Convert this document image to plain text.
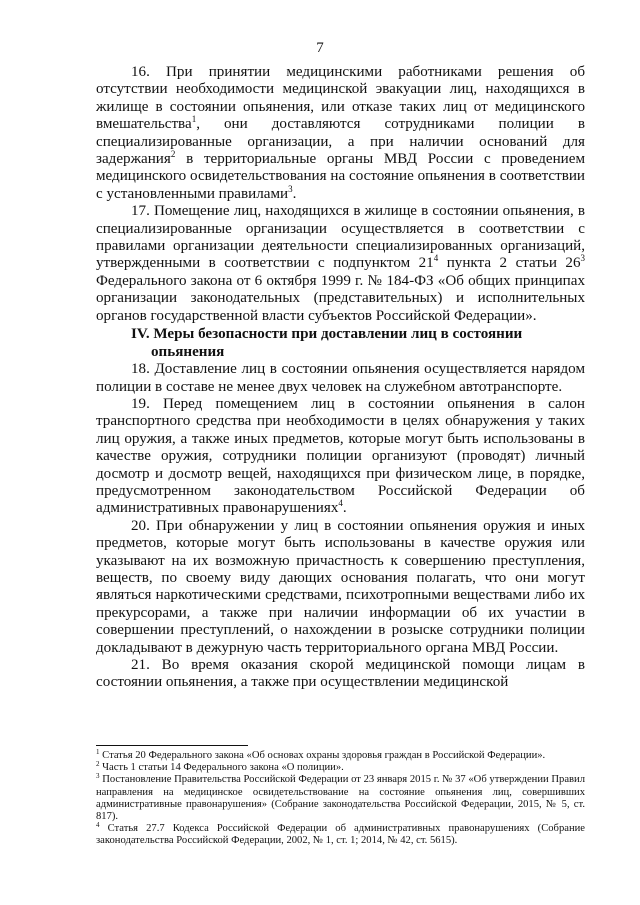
7

16. При принятии медицинскими работниками решения об отсутствии необходимости медицинской эвакуации лиц, находящихся в жилище в состоянии опьянения, или отказе таких лиц от медицинского вмешательства$^1$, они доставляются сотрудниками полиции в специализированные организации, а при наличии оснований для задержания$^2$ в территориальные органы МВД России с проведением медицинского освидетельствования на состояние опьянения в соответствии с установленными правилами$^3$.

17. Помещение лиц, находящихся в жилище в состоянии опьянения, в специализированные организации осуществляется в соответствии с правилами организации деятельности специализированных организаций, утвержденными в соответствии с подпунктом $21^4$ пункта 2 статьи $26^3$ Федерального закона от 6 октября 1999 г. № 184-ФЗ «Об общих принципах организации законодательных (представительных) и исполнительных органов государственной власти субъектов Российской Федерации».

IV. Меры безопасности при доставлении лиц в состоянии
опьянения

18. Доставление лиц в состоянии опьянения осуществляется нарядом полиции в составе не менее двух человек на служебном автотранспорте.

19. Перед помещением лиц в состоянии опьянения в салон транспортного средства при необходимости в целях обнаружения у таких лиц оружия, а также иных предметов, которые могут быть использованы в качестве оружия, сотрудники полиции организуют (проводят) личный досмотр и досмотр вещей, находящихся при физическом лице, в порядке, предусмотренном законодательством Российской Федерации об административных правонарушениях$^4$.

20. При обнаружении у лиц в состоянии опьянения оружия и иных предметов, которые могут быть использованы в качестве оружия или указывают на их возможную причастность к совершению преступления, веществ, по своему виду дающих основания полагать, что они могут являться наркотическими средствами, психотропными веществами либо их прекурсорами, а также при наличии информации об их участии в совершении преступлений, о нахождении в розыске сотрудники полиции докладывают в дежурную часть территориального органа МВД России.

21. Во время оказания скорой медицинской помощи лицам в состоянии опьянения, а также при осуществлении медицинской

$^1$ Статья 20 Федерального закона «Об основах охраны здоровья граждан в Российской Федерации».

$^2$ Часть 1 статьи 14 Федерального закона «О полиции».

$^3$ Постановление Правительства Российской Федерации от 23 января 2015 г. № 37 «Об утверждении Правил направления на медицинское освидетельствование на состояние опьянения лиц, совершивших административные правонарушения» (Собрание законодательства Российской Федерации, 2015, № 5, ст. 817).

$^4$ Статья 27.7 Кодекса Российской Федерации об административных правонарушениях (Собрание законодательства Российской Федерации, 2002, № 1, ст. 1; 2014, № 42, ст. 5615).
